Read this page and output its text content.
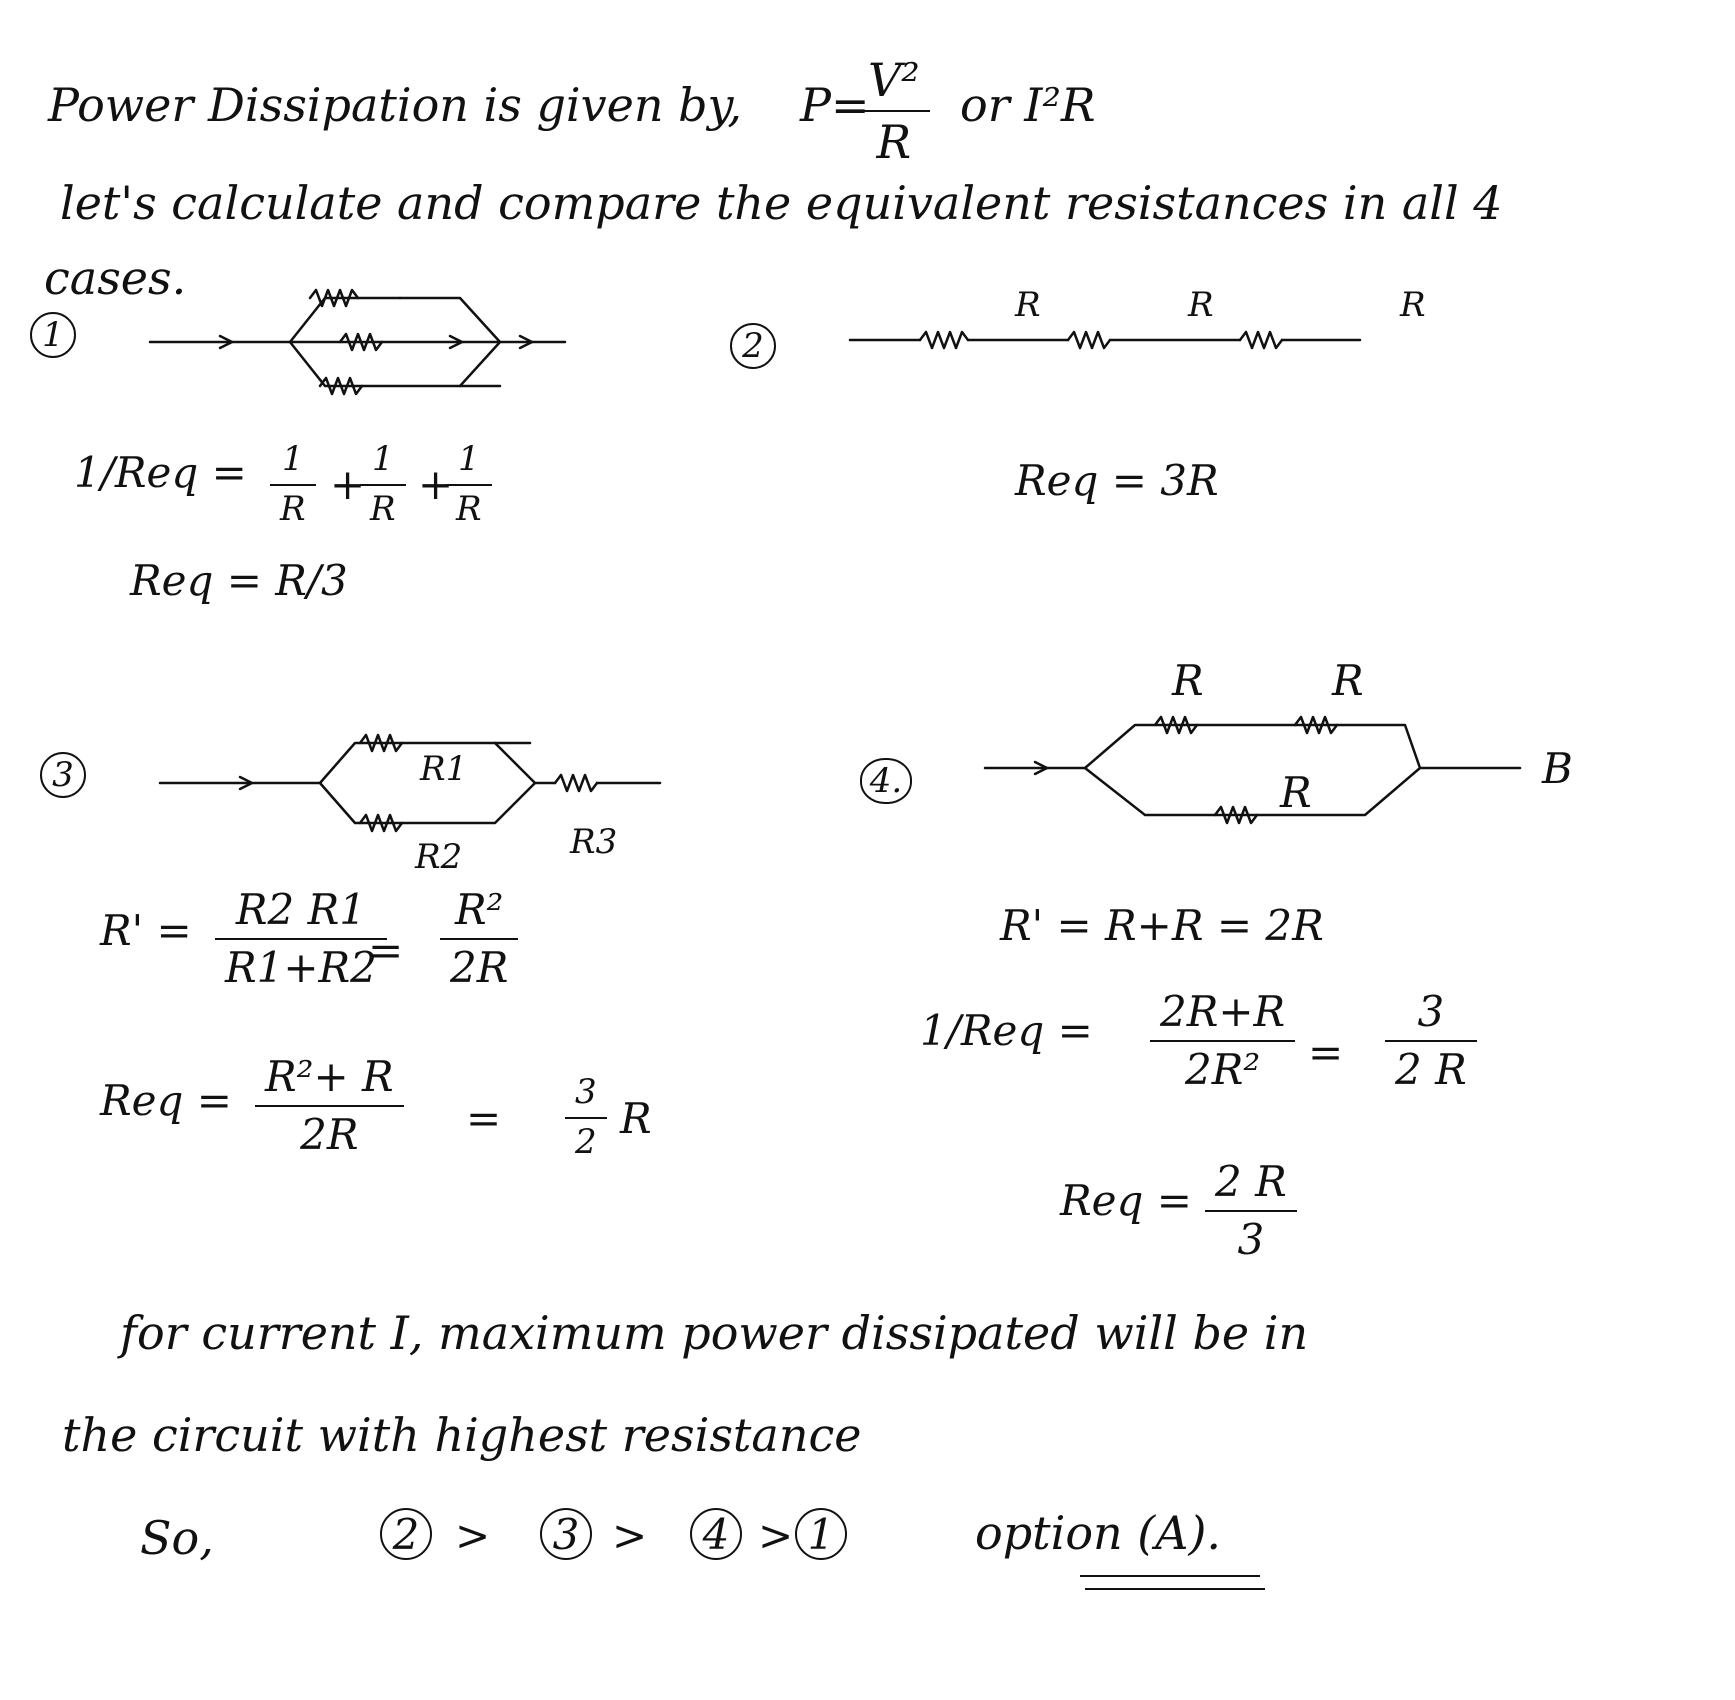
Power Dissipation is given by, P=
V²
R
or I²R
let's calculate and compare the equivalent resistances in all 4
cases.
1
1/Req = 1
R +
1
R +
1
R
Req = R/3
2
R	R	R
Req = 3R
3	R1
R2	R3
R' = R2 R1
R1+R2
=
R²
2R
Req = R²+ R
2R	=
3
2 R
4.
R	R
R	B
R' = R+R = 2R
1/Req = 2R+R
2R² =
3
2 R
Req = 2 R
3
for current I, maximum power dissipated will be in
the circuit with highest resistance
So,	2 >	3 >	4 > 1	option (A).
